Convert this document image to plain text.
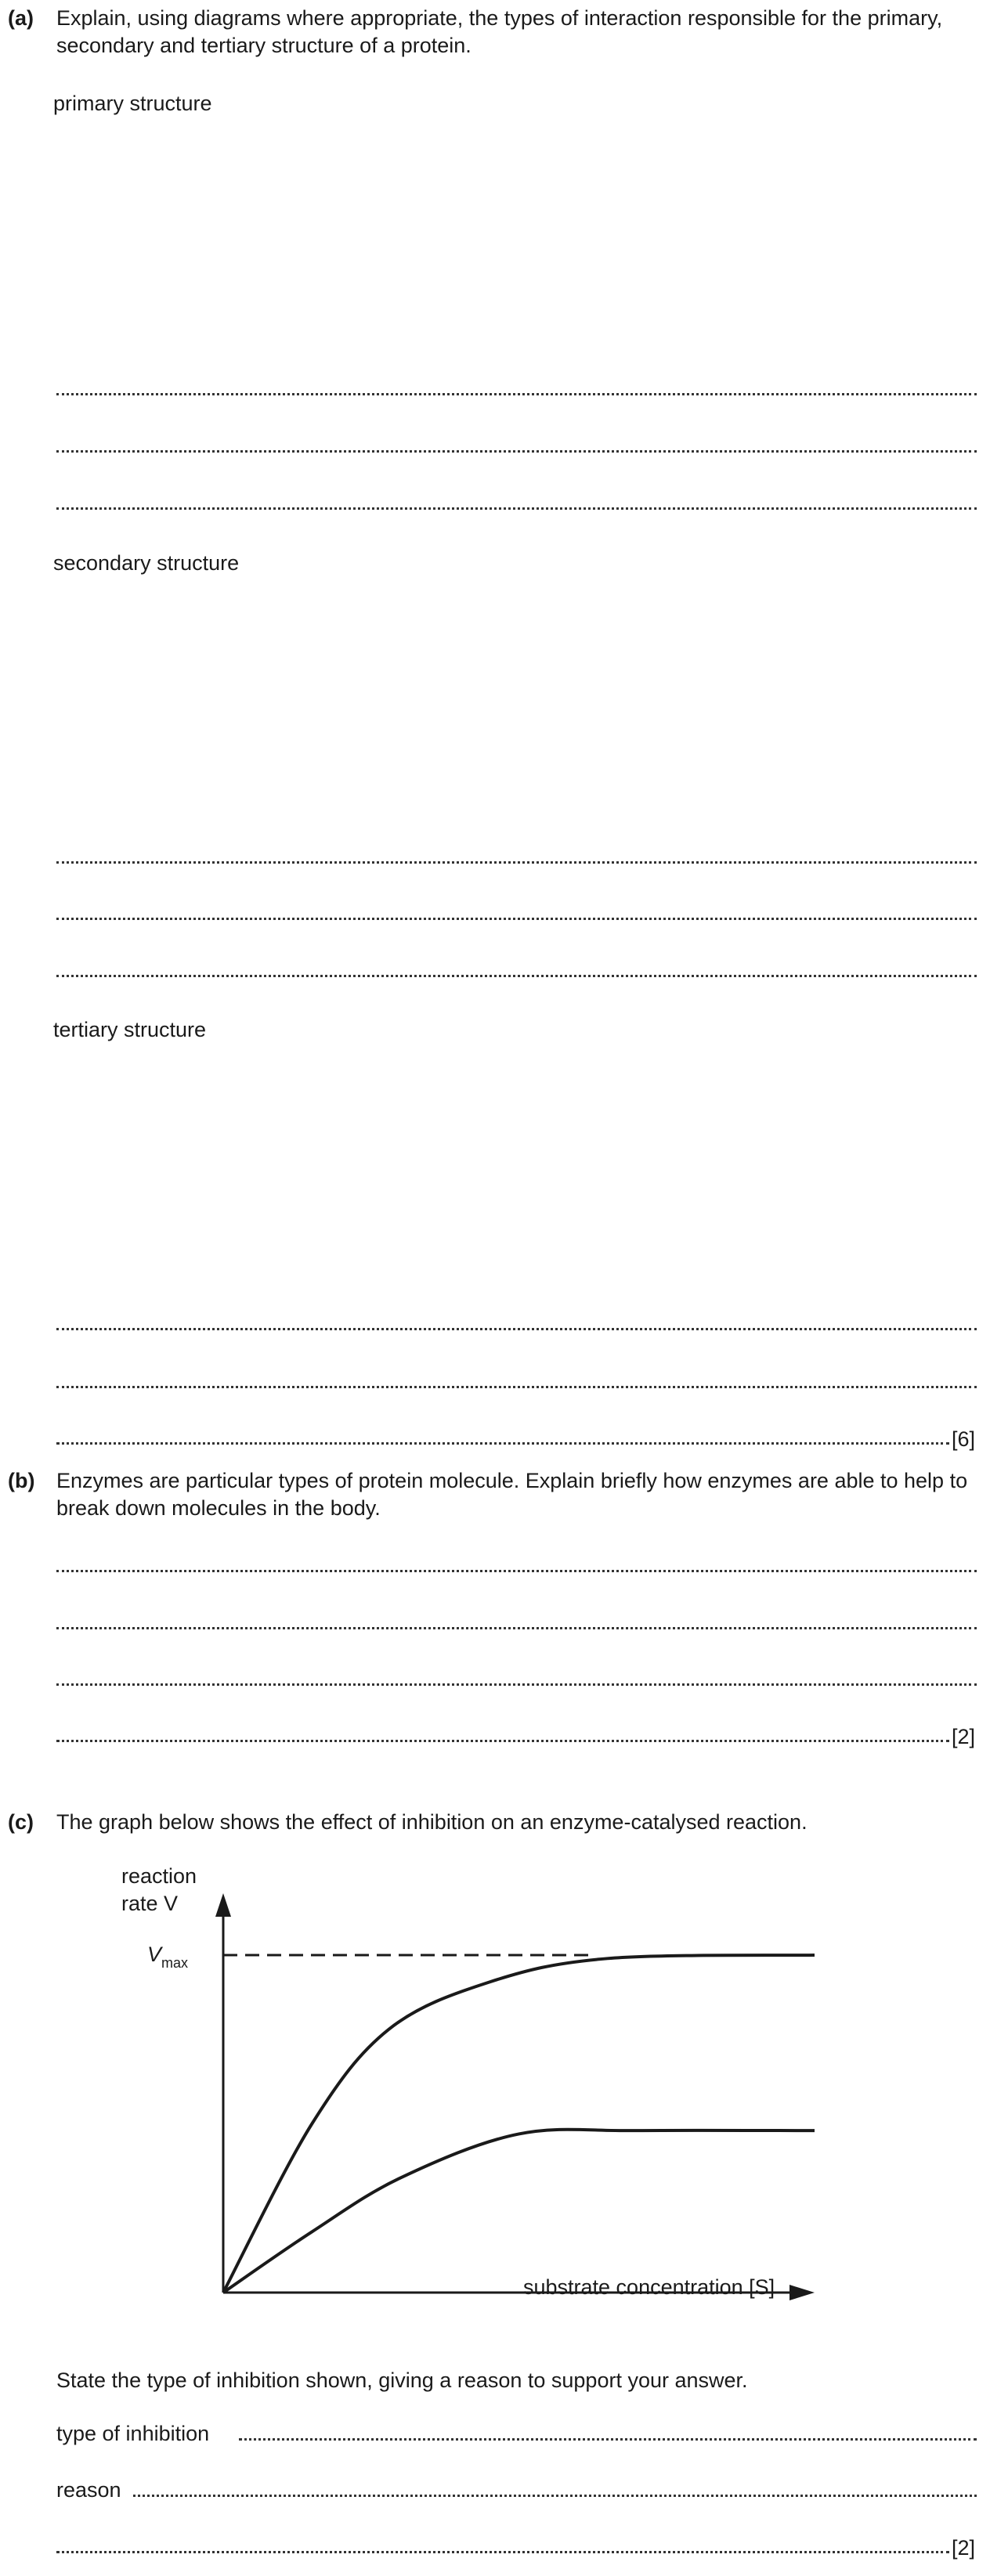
(a) Explain, using diagrams where appropriate, the types of interaction responsible for the primary, secondary and tertiary structure of a protein.
primary structure
secondary structure
tertiary structure
[6]
(b) Enzymes are particular types of protein molecule. Explain briefly how enzymes are able to help to break down molecules in the body.
[2]
(c) The graph below shows the effect of inhibition on an enzyme-catalysed reaction.
reaction
rate V
$V_{max}$
substrate concentration [S]
State the type of inhibition shown, giving a reason to support your answer.
type of inhibition
reason
[2]
